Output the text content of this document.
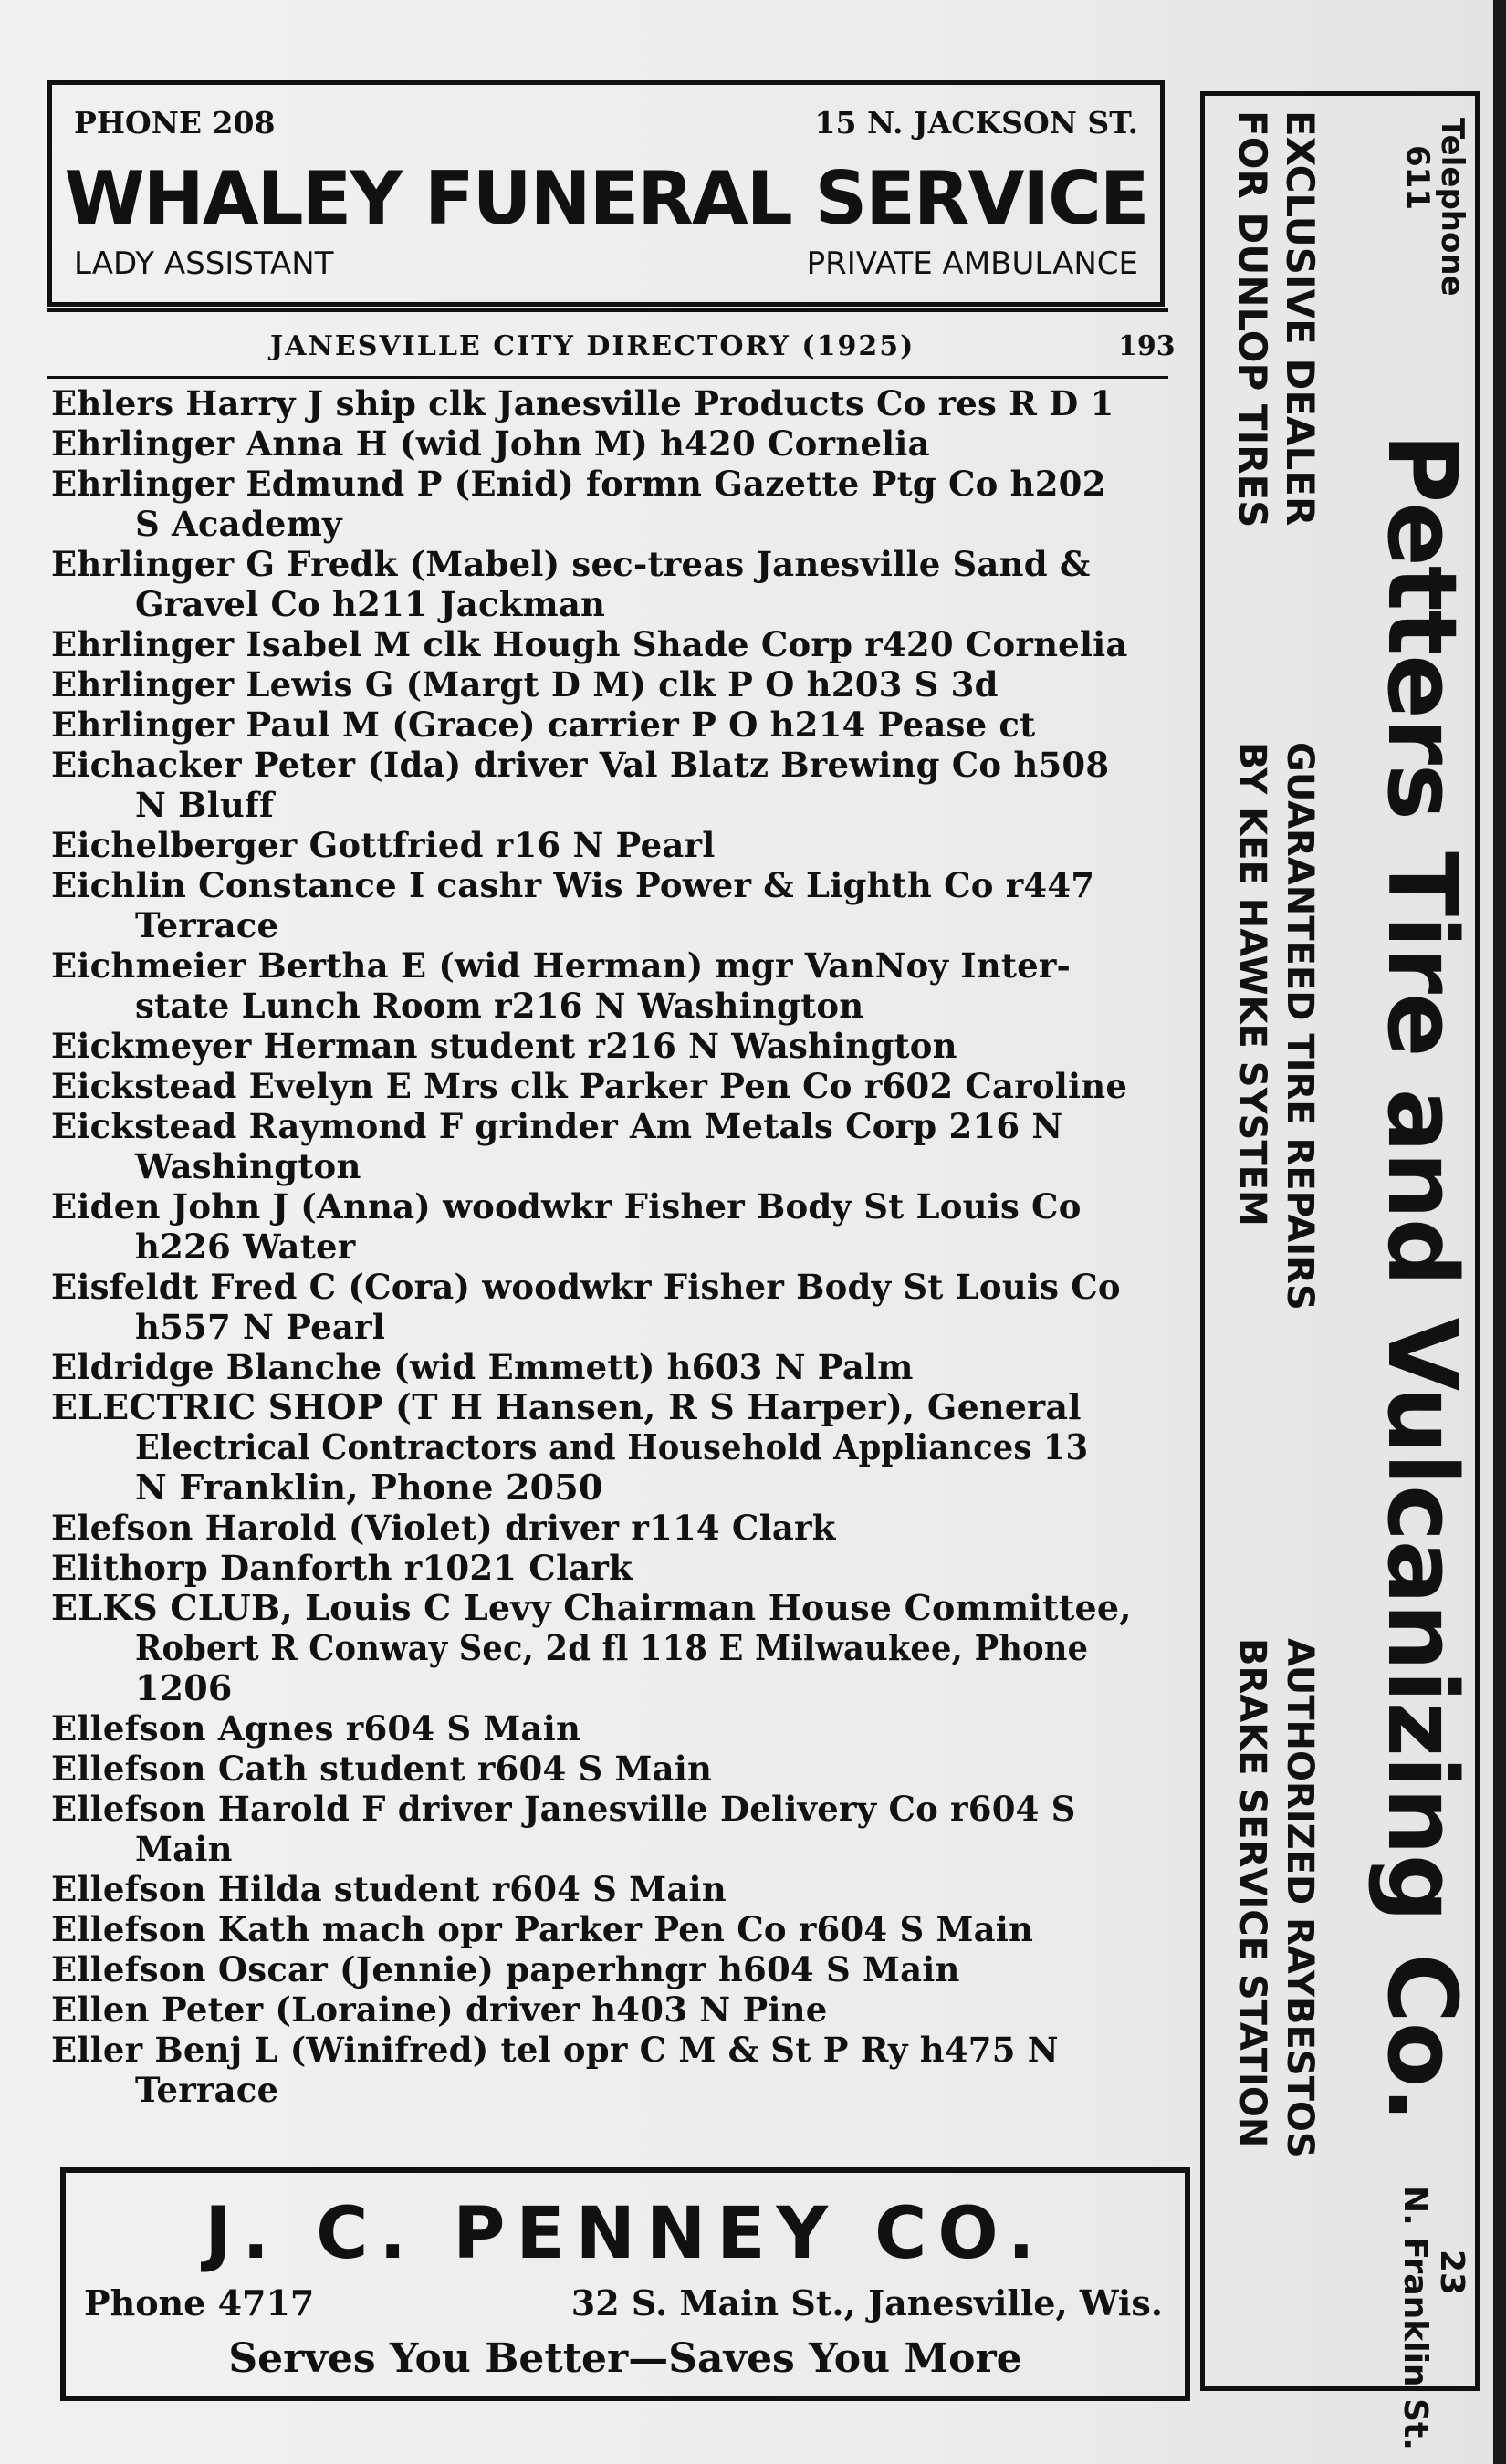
PHONE 208	15 N. JACKSON ST.
WHALEY FUNERAL SERVICE
LADY ASSISTANT	PRIVATE AMBULANCE
JANESVILLE CITY DIRECTORY (1925)	193
Ehlers Harry J ship clk Janesville Products Co res R D 1
Ehrlinger Anna H (wid John M) h420 Cornelia
Ehrlinger Edmund P (Enid) formn Gazette Ptg Co h202
S Academy
Ehrlinger G Fredk (Mabel) sec-treas Janesville Sand &
Gravel Co h211 Jackman
Ehrlinger Isabel M clk Hough Shade Corp r420 Cornelia
Ehrlinger Lewis G (Margt D M) clk P O h203 S 3d
Ehrlinger Paul M (Grace) carrier P O h214 Pease ct
Eichacker Peter (Ida) driver Val Blatz Brewing Co h508
N Bluff
Eichelberger Gottfried r16 N Pearl
Eichlin Constance I cashr Wis Power & Lighth Co r447
Terrace
Eichmeier Bertha E (wid Herman) mgr VanNoy Inter-
state Lunch Room r216 N Washington
Eickmeyer Herman student r216 N Washington
Eickstead Evelyn E Mrs clk Parker Pen Co r602 Caroline
Eickstead Raymond F grinder Am Metals Corp 216 N
Washington
Eiden John J (Anna) woodwkr Fisher Body St Louis Co
h226 Water
Eisfeldt Fred C (Cora) woodwkr Fisher Body St Louis Co
h557 N Pearl
Eldridge Blanche (wid Emmett) h603 N Palm
ELECTRIC SHOP (T H Hansen, R S Harper), General
Electrical Contractors and Household Appliances 13
N Franklin, Phone 2050
Elefson Harold (Violet) driver r114 Clark
Elithorp Danforth r1021 Clark
ELKS CLUB, Louis C Levy Chairman House Committee,
Robert R Conway Sec, 2d fl 118 E Milwaukee, Phone
1206
Ellefson Agnes r604 S Main
Ellefson Cath student r604 S Main
Ellefson Harold F driver Janesville Delivery Co r604 S
Main
Ellefson Hilda student r604 S Main
Ellefson Kath mach opr Parker Pen Co r604 S Main
Ellefson Oscar (Jennie) paperhngr h604 S Main
Ellen Peter (Loraine) driver h403 N Pine
Eller Benj L (Winifred) tel opr C M & St P Ry h475 N
Terrace
J. C. PENNEY CO.
Phone 4717	32 S. Main St., Janesville, Wis.
Serves You Better—Saves You More
Telephone
611
EXCLUSIVE DEALER
FOR DUNLOP TIRES
Petters Tire and Vulcanizing Co.
GUARANTEED TIRE REPAIRS
BY KEE HAWKE SYSTEM
AUTHORIZED RAYBESTOS
BRAKE SERVICE STATION
23
N. Franklin St.
